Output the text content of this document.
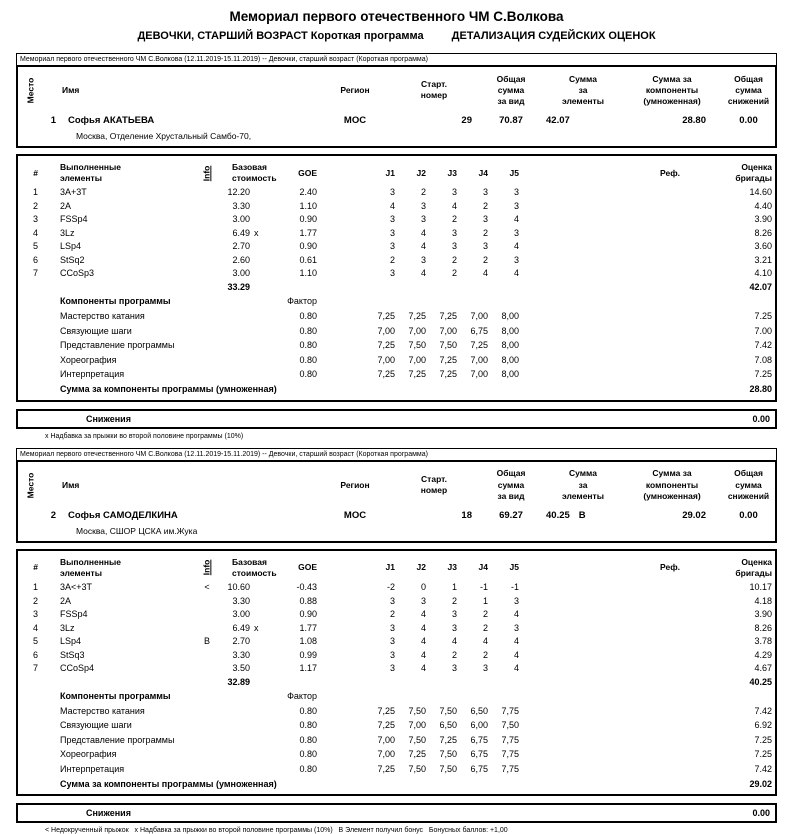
Мемориал первого отечественного ЧМ С.Волкова
ДЕВОЧКИ, СТАРШИЙ ВОЗРАСТ Короткая программа	ДЕТАЛИЗАЦИЯ СУДЕЙСКИХ ОЦЕНОК
Мемориал первого отечественного ЧМ С.Волкова (12.11.2019-15.11.2019) -- Девочки, старший возраст (Короткая программа)
Место	Имя	Регион
Старт.
номер
Общая
сумма
за вид
Сумма
за
элементы
Сумма за
компоненты
(умноженная)
Общая
сумма
снижений
1	Софья АКАТЬЕВА	МОС	29	70.87	42.07	28.80	0.00
Москва, Отделение Хрустальный Самбо-70,
#
Выполненные
элементы	Info	Базовая
стоимость
GOE	J1	J2	J3	J4	J5	Реф.
Оценка
бригады
1	3A+3T	12.20	2.40	3	2	3	3	3	14.60
2	2A	3.30	1.10	4	3	4	2	3	4.40
3	FSSp4	3.00	0.90	3	3	2	3	4	3.90
4	3Lz	6.49 x	1.77	3	4	3	2	3	8.26
5	LSp4	2.70	0.90	3	4	3	3	4	3.60
6	StSq2	2.60	0.61	2	3	2	2	3	3.21
7	CCoSp3	3.00	1.10	3	4	2	4	4	4.10
33.29	42.07
Компоненты программы	Фактор
Мастерство катания	0.80	7,25	7,25	7,25	7,00	8,00	7.25
Связующие шаги	0.80	7,00	7,00	7,00	6,75	8,00	7.00
Представление программы	0.80	7,25	7,50	7,50	7,25	8,00	7.42
Хореография	0.80	7,00	7,00	7,25	7,00	8,00	7.08
Интерпретация	0.80	7,25	7,25	7,25	7,00	8,00	7.25
Сумма за компоненты программы (умноженная)	28.80
Снижения	0.00
х Надбавка за прыжки во второй половине программы (10%)
Мемориал первого отечественного ЧМ С.Волкова (12.11.2019-15.11.2019) -- Девочки, старший возраст (Короткая программа)
Место	Имя	Регион
Старт.
номер
Общая
сумма
за вид
Сумма
за
элементы
Сумма за
компоненты
(умноженная)
Общая
сумма
снижений
2	Софья САМОДЕЛКИНА	МОС	18	69.27	40.25 В	29.02	0.00
Москва, СШОР ЦСКА им.Жука
#
Выполненные
элементы	Info	Базовая
стоимость
GOE	J1	J2	J3	J4	J5	Реф.
Оценка
бригады
1	3A<+3T	<	10.60	-0.43	-2	0	1	-1	-1	10.17
2	2A	3.30	0.88	3	3	2	1	3	4.18
3	FSSp4	3.00	0.90	2	4	3	2	4	3.90
4	3Lz	6.49 x	1.77	3	4	3	2	3	8.26
5	LSp4	В	2.70	1.08	3	4	4	4	4	3.78
6	StSq3	3.30	0.99	3	4	2	2	4	4.29
7	CCoSp4	3.50	1.17	3	4	3	3	4	4.67
32.89	40.25
Компоненты программы	Фактор
Мастерство катания	0.80	7,25	7,50	7,50	6,50	7,75	7.42
Связующие шаги	0.80	7,25	7,00	6,50	6,00	7,50	6.92
Представление программы	0.80	7,00	7,50	7,25	6,75	7,75	7.25
Хореография	0.80	7,00	7,25	7,50	6,75	7,75	7.25
Интерпретация	0.80	7,25	7,50	7,50	6,75	7,75	7.42
Сумма за компоненты программы (умноженная)	29.02
Снижения	0.00
< Недокрученный прыжок   х Надбавка за прыжки во второй половине программы (10%)   В Элемент получил бонус   Бонусных баллов: +1,00
